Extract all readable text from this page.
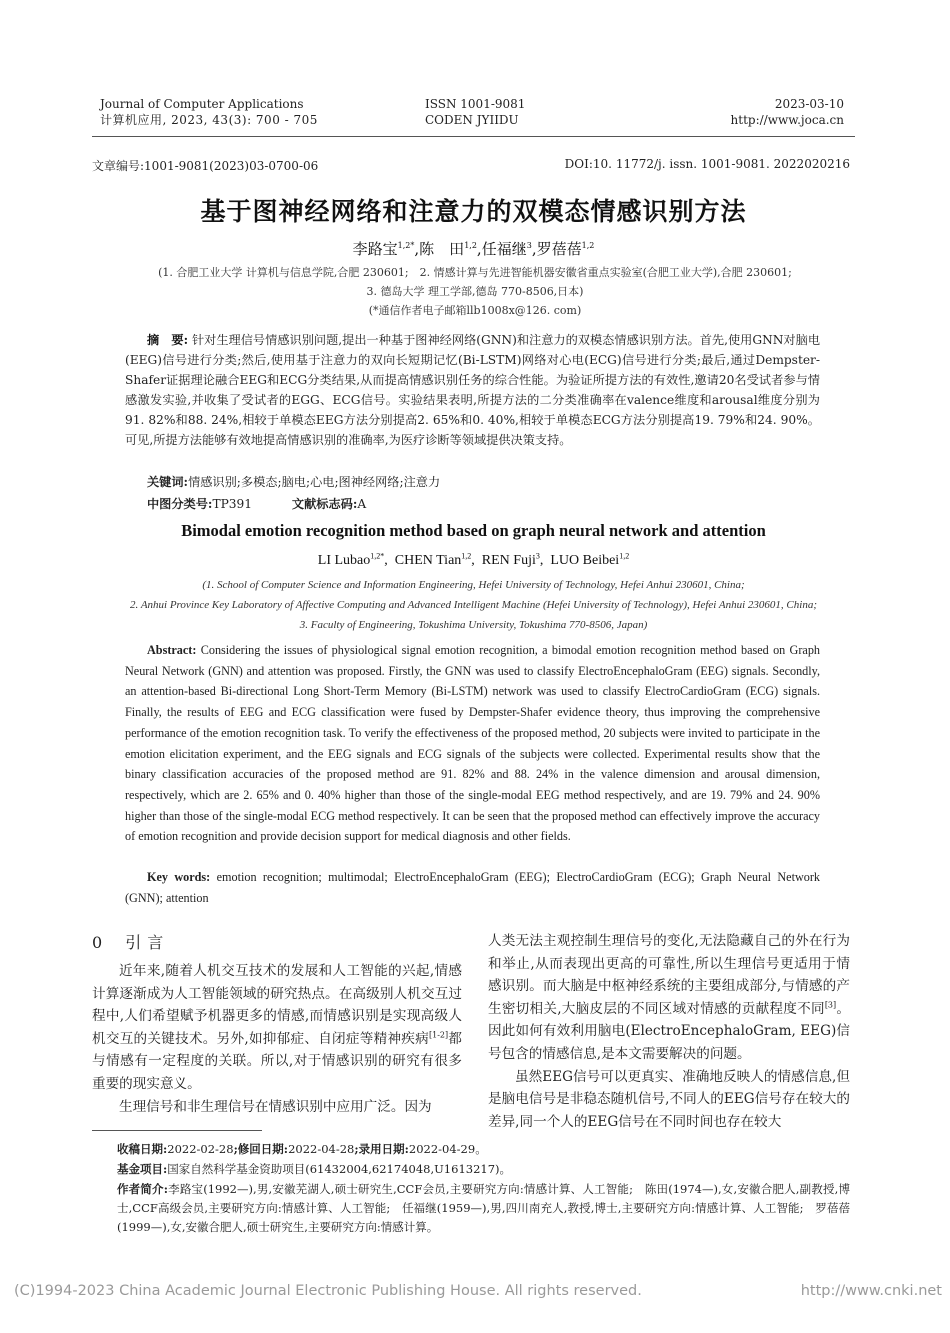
Journal of Computer Applications
计算机应用, 2023, 43(3): 700 - 705
ISSN 1001-9081
CODEN JYIIDU
2023-03-10
http://www.joca.cn
文章编号:1001-9081(2023)03-0700-06	DOI:10. 11772/j. issn. 1001-9081. 2022020216
基于图神经网络和注意力的双模态情感识别方法
李路宝$^{1,2*}$,陈　田$^{1,2}$,任福继$^3$,罗蓓蓓$^{1,2}$
(1. 合肥工业大学 计算机与信息学院,合肥 230601;　2. 情感计算与先进智能机器安徽省重点实验室(合肥工业大学),合肥 230601;
3. 德岛大学 理工学部,德岛 770-8506,日本)
(*通信作者电子邮箱llb1008x@126. com)
摘　要: 针对生理信号情感识别问题,提出一种基于图神经网络(GNN)和注意力的双模态情感识别方法。首先,使用GNN对脑电(EEG)信号进行分类;然后,使用基于注意力的双向长短期记忆(Bi-LSTM)网络对心电(ECG)信号进行分类;最后,通过Dempster-Shafer证据理论融合EEG和ECG分类结果,从而提高情感识别任务的综合性能。为验证所提方法的有效性,邀请20名受试者参与情感激发实验,并收集了受试者的EGG、ECG信号。实验结果表明,所提方法的二分类准确率在valence维度和arousal维度分别为91. 82%和88. 24%,相较于单模态EEG方法分别提高2. 65%和0. 40%,相较于单模态ECG方法分别提高19. 79%和24. 90%。可见,所提方法能够有效地提高情感识别的准确率,为医疗诊断等领域提供决策支持。
关键词:情感识别;多模态;脑电;心电;图神经网络;注意力
中图分类号:TP391	文献标志码:A
Bimodal emotion recognition method based on graph neural network and attention
LI Lubao$^{1,2*}$,  CHEN Tian$^{1,2}$,  REN Fuji$^3$,  LUO Beibei$^{1,2}$
(1. School of Computer Science and Information Engineering, Hefei University of Technology, Hefei Anhui 230601, China;
2. Anhui Province Key Laboratory of Affective Computing and Advanced Intelligent Machine (Hefei University of Technology), Hefei Anhui 230601, China;
3. Faculty of Engineering, Tokushima University, Tokushima 770-8506, Japan)
Abstract: Considering the issues of physiological signal emotion recognition, a bimodal emotion recognition method based on Graph Neural Network (GNN) and attention was proposed. Firstly, the GNN was used to classify ElectroEncephaloGram (EEG) signals. Secondly, an attention-based Bi-directional Long Short-Term Memory (Bi-LSTM) network was used to classify ElectroCardioGram (ECG) signals. Finally, the results of EEG and ECG classification were fused by Dempster-Shafer evidence theory, thus improving the comprehensive performance of the emotion recognition task. To verify the effectiveness of the proposed method, 20 subjects were invited to participate in the emotion elicitation experiment, and the EEG signals and ECG signals of the subjects were collected. Experimental results show that the binary classification accuracies of the proposed method are 91. 82% and 88. 24% in the valence dimension and arousal dimension, respectively, which are 2. 65% and 0. 40% higher than those of the single-modal EEG method respectively, and are 19. 79% and 24. 90% higher than those of the single-modal ECG method respectively. It can be seen that the proposed method can effectively improve the accuracy of emotion recognition and provide decision support for medical diagnosis and other fields.
Key words: emotion recognition; multimodal; ElectroEncephaloGram (EEG); ElectroCardioGram (ECG); Graph Neural Network (GNN); attention
0 引言
近年来,随着人机交互技术的发展和人工智能的兴起,情感计算逐渐成为人工智能领域的研究热点。在高级别人机交互过程中,人们希望赋予机器更多的情感,而情感识别是实现高级人机交互的关键技术。另外,如抑郁症、自闭症等精神疾病[1-2]都与情感有一定程度的关联。所以,对于情感识别的研究有很多重要的现实意义。
生理信号和非生理信号在情感识别中应用广泛。因为
人类无法主观控制生理信号的变化,无法隐藏自己的外在行为和举止,从而表现出更高的可靠性,所以生理信号更适用于情感识别。而大脑是中枢神经系统的主要组成部分,与情感的产生密切相关,大脑皮层的不同区域对情感的贡献程度不同[3]。因此如何有效利用脑电(ElectroEncephaloGram, EEG)信号包含的情感信息,是本文需要解决的问题。
虽然EEG信号可以更真实、准确地反映人的情感信息,但是脑电信号是非稳态随机信号,不同人的EEG信号存在较大的差异,同一个人的EEG信号在不同时间也存在较大
收稿日期:2022-02-28;修回日期:2022-04-28;录用日期:2022-04-29。
基金项目:国家自然科学基金资助项目(61432004,62174048,U1613217)。
作者简介:李路宝(1992—),男,安徽芜湖人,硕士研究生,CCF会员,主要研究方向:情感计算、人工智能;　陈田(1974—),女,安徽合肥人,副教授,博士,CCF高级会员,主要研究方向:情感计算、人工智能;　任福继(1959—),男,四川南充人,教授,博士,主要研究方向:情感计算、人工智能;　罗蓓蓓(1999—),女,安徽合肥人,硕士研究生,主要研究方向:情感计算。
(C)1994-2023 China Academic Journal Electronic Publishing House. All rights reserved.	http://www.cnki.net
